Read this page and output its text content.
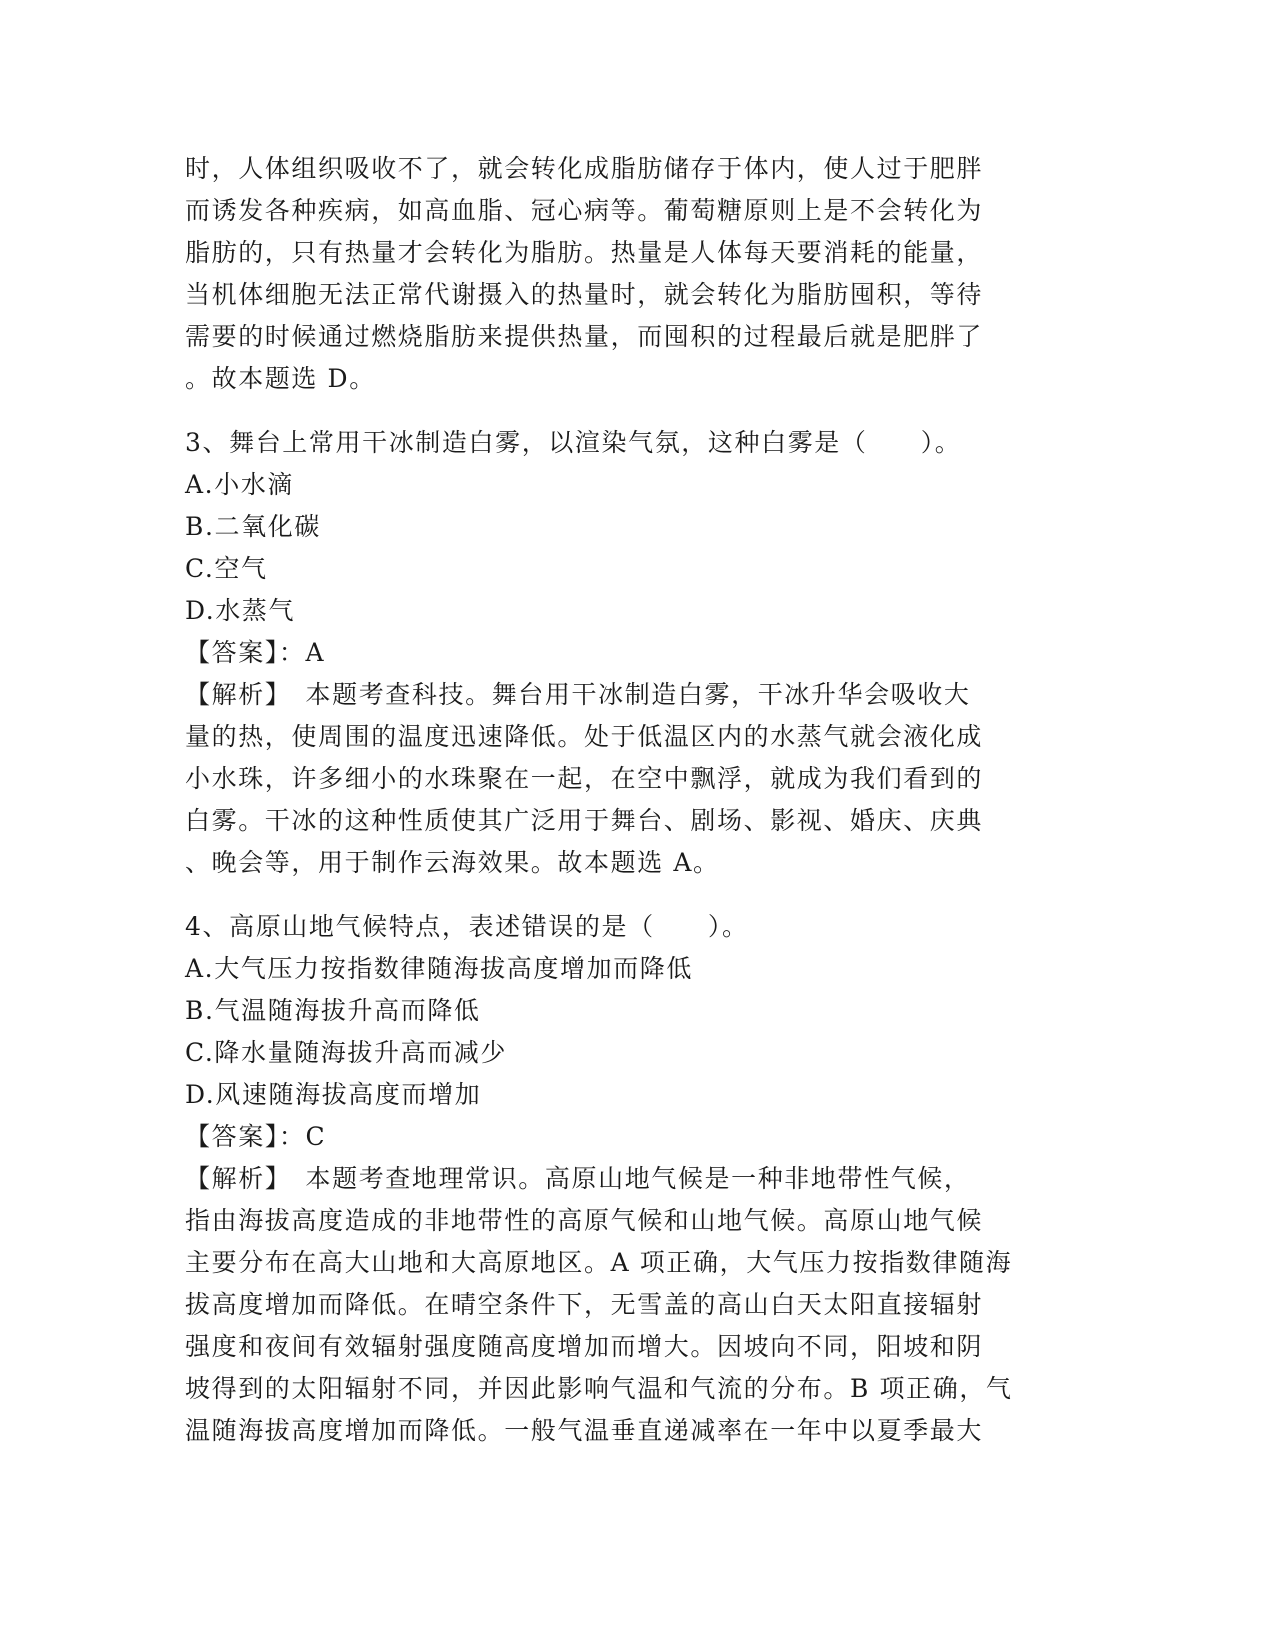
时，人体组织吸收不了，就会转化成脂肪储存于体内，使人过于肥胖
而诱发各种疾病，如高血脂、冠心病等。葡萄糖原则上是不会转化为
脂肪的，只有热量才会转化为脂肪。热量是人体每天要消耗的能量，
当机体细胞无法正常代谢摄入的热量时，就会转化为脂肪囤积，等待
需要的时候通过燃烧脂肪来提供热量，而囤积的过程最后就是肥胖了
。故本题选 D。
3、舞台上常用干冰制造白雾，以渲染气氛，这种白雾是（　　）。
A.小水滴
B.二氧化碳
C.空气
D.水蒸气
【答案】：A
【解析】　本题考查科技。舞台用干冰制造白雾，干冰升华会吸收大
量的热，使周围的温度迅速降低。处于低温区内的水蒸气就会液化成
小水珠，许多细小的水珠聚在一起，在空中飘浮，就成为我们看到的
白雾。干冰的这种性质使其广泛用于舞台、剧场、影视、婚庆、庆典
、晚会等，用于制作云海效果。故本题选 A。
4、高原山地气候特点，表述错误的是（　　）。
A.大气压力按指数律随海拔高度增加而降低
B.气温随海拔升高而降低
C.降水量随海拔升高而减少
D.风速随海拔高度而增加
【答案】：C
【解析】　本题考查地理常识。高原山地气候是一种非地带性气候，
指由海拔高度造成的非地带性的高原气候和山地气候。高原山地气候
主要分布在高大山地和大高原地区。A 项正确，大气压力按指数律随海
拔高度增加而降低。在晴空条件下，无雪盖的高山白天太阳直接辐射
强度和夜间有效辐射强度随高度增加而增大。因坡向不同，阳坡和阴
坡得到的太阳辐射不同，并因此影响气温和气流的分布。B 项正确，气
温随海拔高度增加而降低。一般气温垂直递减率在一年中以夏季最大
